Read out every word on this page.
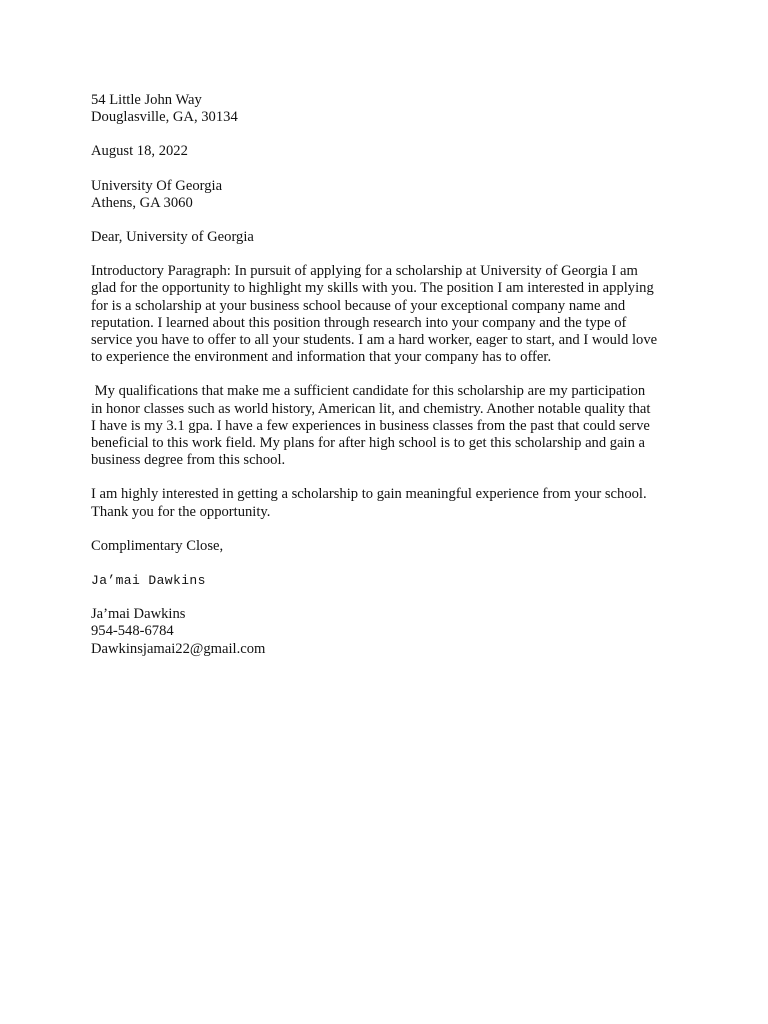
54 Little John Way
Douglasville, GA, 30134
August 18, 2022
University Of Georgia
Athens, GA 3060
Dear, University of Georgia
Introductory Paragraph: In pursuit of applying for a scholarship at University of Georgia I am
glad for the opportunity to highlight my skills with you. The position I am interested in applying
for is a scholarship at your business school because of your exceptional company name and
reputation. I learned about this position through research into your company and the type of
service you have to offer to all your students. I am a hard worker, eager to start, and I would love
to experience the environment and information that your company has to offer.
My qualifications that make me a sufficient candidate for this scholarship are my participation
in honor classes such as world history, American lit, and chemistry. Another notable quality that
I have is my 3.1 gpa. I have a few experiences in business classes from the past that could serve
beneficial to this work field. My plans for after high school is to get this scholarship and gain a
business degree from this school.
I am highly interested in getting a scholarship to gain meaningful experience from your school.
Thank you for the opportunity.
Complimentary Close,
Ja’mai Dawkins
Ja’mai Dawkins
954-548-6784
Dawkinsjamai22@gmail.com
